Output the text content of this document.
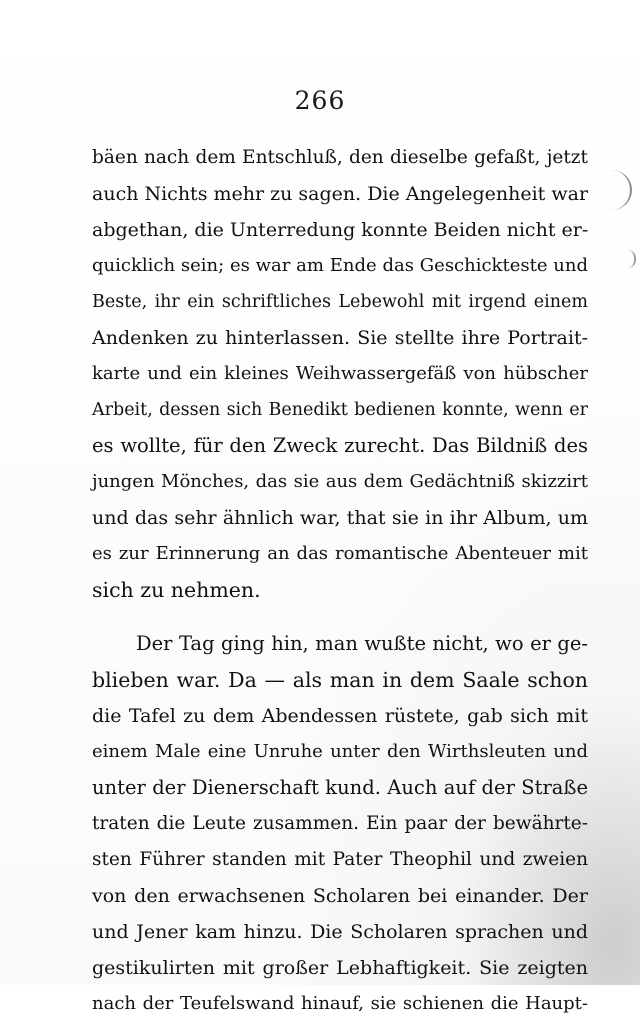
266
bäen nach dem Entschluß, den dieselbe gefaßt, jetzt
auch Nichts mehr zu sagen. Die Angelegenheit war
abgethan, die Unterredung konnte Beiden nicht er-
quicklich sein; es war am Ende das Geschickteste und
Beste, ihr ein schriftliches Lebewohl mit irgend einem
Andenken zu hinterlassen. Sie stellte ihre Portrait-
karte und ein kleines Weihwassergefäß von hübscher
Arbeit, dessen sich Benedikt bedienen konnte, wenn er
es wollte, für den Zweck zurecht. Das Bildniß des
jungen Mönches, das sie aus dem Gedächtniß skizzirt
und das sehr ähnlich war, that sie in ihr Album, um
es zur Erinnerung an das romantische Abenteuer mit
sich zu nehmen.
Der Tag ging hin, man wußte nicht, wo er ge-
blieben war. Da — als man in dem Saale schon
die Tafel zu dem Abendessen rüstete, gab sich mit
einem Male eine Unruhe unter den Wirthsleuten und
unter der Dienerschaft kund. Auch auf der Straße
traten die Leute zusammen. Ein paar der bewährte-
sten Führer standen mit Pater Theophil und zweien
von den erwachsenen Scholaren bei einander. Der
und Jener kam hinzu. Die Scholaren sprachen und
gestikulirten mit großer Lebhaftigkeit. Sie zeigten
nach der Teufelswand hinauf, sie schienen die Haupt-
